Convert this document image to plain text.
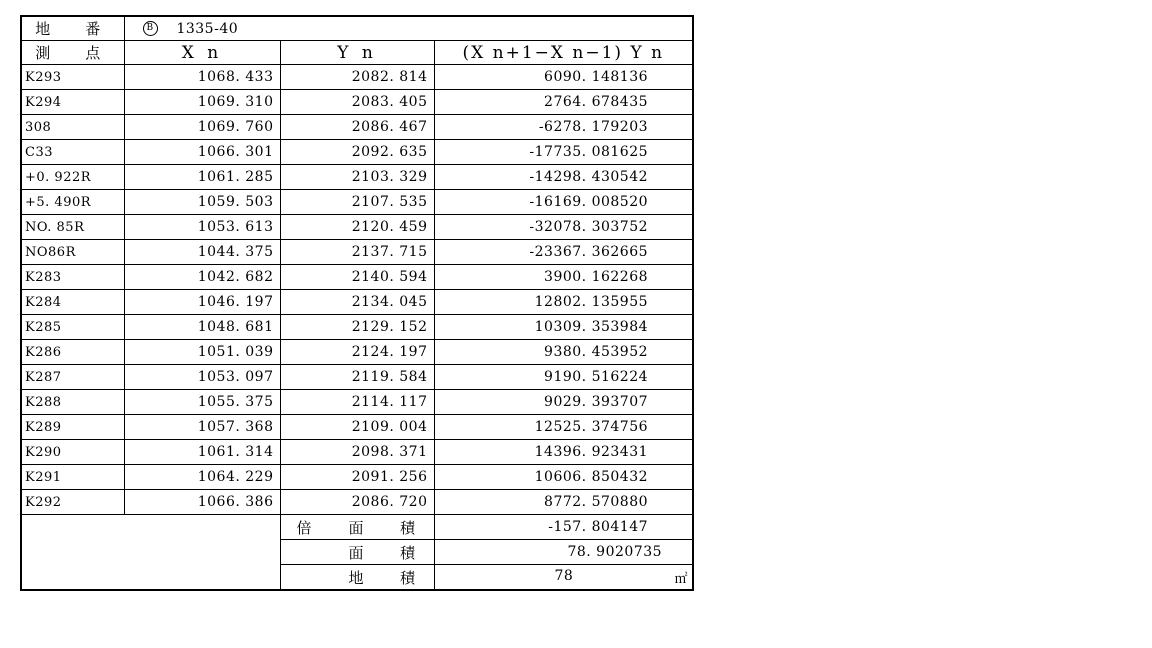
地　番	B 1335-40		
測　点	X n	Y n	(X n+1−X n−1) Y n
K293	1068. 433	2082. 814	6090. 148136
K294	1069. 310	2083. 405	2764. 678435
308	1069. 760	2086. 467	-6278. 179203
C33	1066. 301	2092. 635	-17735. 081625
+0. 922R	1061. 285	2103. 329	-14298. 430542
+5. 490R	1059. 503	2107. 535	-16169. 008520
NO. 85R	1053. 613	2120. 459	-32078. 303752
NO86R	1044. 375	2137. 715	-23367. 362665
K283	1042. 682	2140. 594	3900. 162268
K284	1046. 197	2134. 045	12802. 135955
K285	1048. 681	2129. 152	10309. 353984
K286	1051. 039	2124. 197	9380. 453952
K287	1053. 097	2119. 584	9190. 516224
K288	1055. 375	2114. 117	9029. 393707
K289	1057. 368	2109. 004	12525. 374756
K290	1061. 314	2098. 371	14396. 923431
K291	1064. 229	2091. 256	10606. 850432
K292	1066. 386	2086. 720	8772. 570880

		倍 面 積	-157. 804147

		面 積	78. 9020735

		地 積	78 ㎡
